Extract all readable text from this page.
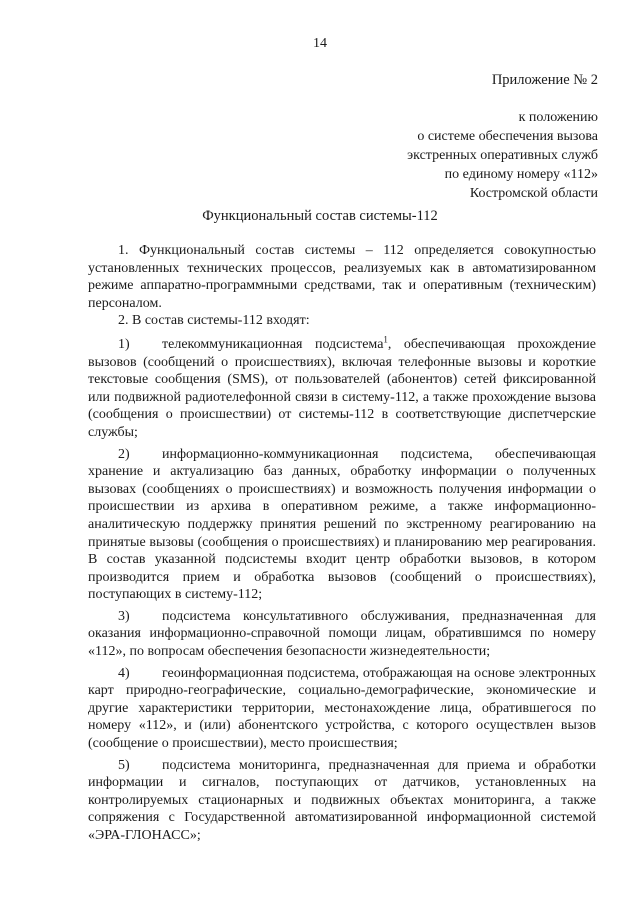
14
Приложение № 2
к положению
о системе обеспечения вызова
экстренных оперативных служб
по единому номеру «112»
Костромской области
Функциональный состав системы-112

1. Функциональный состав системы – 112 определяется совокупностью установленных технических процессов, реализуемых как в автоматизированном режиме аппаратно-программными средствами, так и оперативным (техническим) персоналом.

2. В состав системы-112 входят:

1) телекоммуникационная подсистема$^1$, обеспечивающая прохождение вызовов (сообщений о происшествиях), включая телефонные вызовы и короткие текстовые сообщения (SMS), от пользователей (абонентов) сетей фиксированной или подвижной радиотелефонной связи в систему-112, а также прохождение вызова (сообщения о происшествии) от системы-112 в соответствующие диспетчерские службы;

2) информационно-коммуникационная подсистема, обеспечивающая хранение и актуализацию баз данных, обработку информации о полученных вызовах (сообщениях о происшествиях) и возможность получения информации о происшествии из архива в оперативном режиме, а также информационно-аналитическую поддержку принятия решений по экстренному реагированию на принятые вызовы (сообщения о происшествиях) и планированию мер реагирования. В состав указанной подсистемы входит центр обработки вызовов, в котором производится прием и обработка вызовов (сообщений о происшествиях), поступающих в систему-112;

3) подсистема консультативного обслуживания, предназначенная для оказания информационно-справочной помощи лицам, обратившимся по номеру «112», по вопросам обеспечения безопасности жизнедеятельности;

4) геоинформационная подсистема, отображающая на основе электронных карт природно-географические, социально-демографические, экономические и другие характеристики территории, местонахождение лица, обратившегося по номеру «112», и (или) абонентского устройства, с которого осуществлен вызов (сообщение о происшествии), место происшествия;

5) подсистема мониторинга, предназначенная для приема и обработки информации и сигналов, поступающих от датчиков, установленных на контролируемых стационарных и подвижных объектах мониторинга, а также сопряжения с Государственной автоматизированной информационной системой «ЭРА-ГЛОНАСС»;
